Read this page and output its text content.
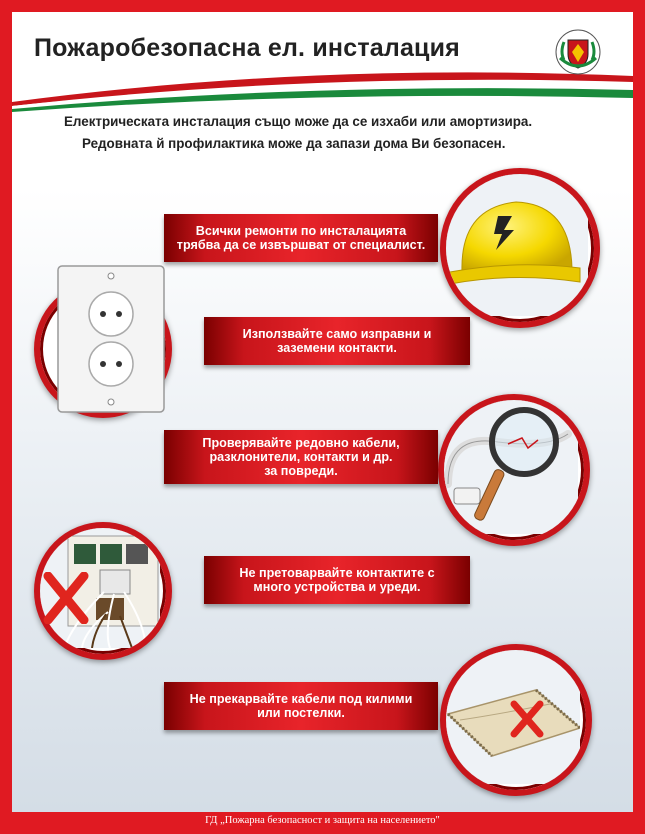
Пожаробезопасна ел. инсталация
Електрическата инсталация също може да се изхаби или амортизира.
Редовната й профилактика може да запази дома Ви безопасен.
Всички ремонти по инсталацията
трябва да се извършват от специалист.
Използвайте само изправни и
заземени контакти.
Проверявайте редовно кабели,
разклонители, контакти и др.
за повреди.
Не претоварвайте контактите с
много устройства и уреди.
Не прекарвайте кабели под килими
или постелки.
ГД „Пожарна безопасност и защита на населението"
